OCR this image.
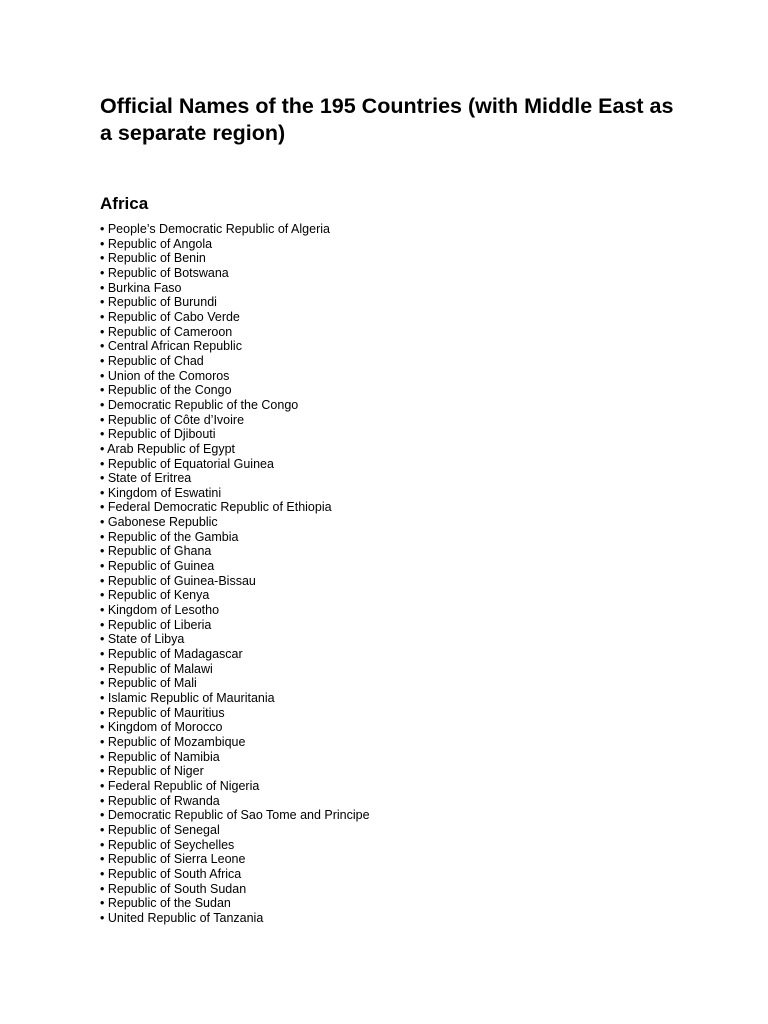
Official Names of the 195 Countries (with Middle East as a separate region)
Africa
• People’s Democratic Republic of Algeria
• Republic of Angola
• Republic of Benin
• Republic of Botswana
• Burkina Faso
• Republic of Burundi
• Republic of Cabo Verde
• Republic of Cameroon
• Central African Republic
• Republic of Chad
• Union of the Comoros
• Republic of the Congo
• Democratic Republic of the Congo
• Republic of Côte d’Ivoire
• Republic of Djibouti
• Arab Republic of Egypt
• Republic of Equatorial Guinea
• State of Eritrea
• Kingdom of Eswatini
• Federal Democratic Republic of Ethiopia
• Gabonese Republic
• Republic of the Gambia
• Republic of Ghana
• Republic of Guinea
• Republic of Guinea-Bissau
• Republic of Kenya
• Kingdom of Lesotho
• Republic of Liberia
• State of Libya
• Republic of Madagascar
• Republic of Malawi
• Republic of Mali
• Islamic Republic of Mauritania
• Republic of Mauritius
• Kingdom of Morocco
• Republic of Mozambique
• Republic of Namibia
• Republic of Niger
• Federal Republic of Nigeria
• Republic of Rwanda
• Democratic Republic of Sao Tome and Principe
• Republic of Senegal
• Republic of Seychelles
• Republic of Sierra Leone
• Republic of South Africa
• Republic of South Sudan
• Republic of the Sudan
• United Republic of Tanzania
